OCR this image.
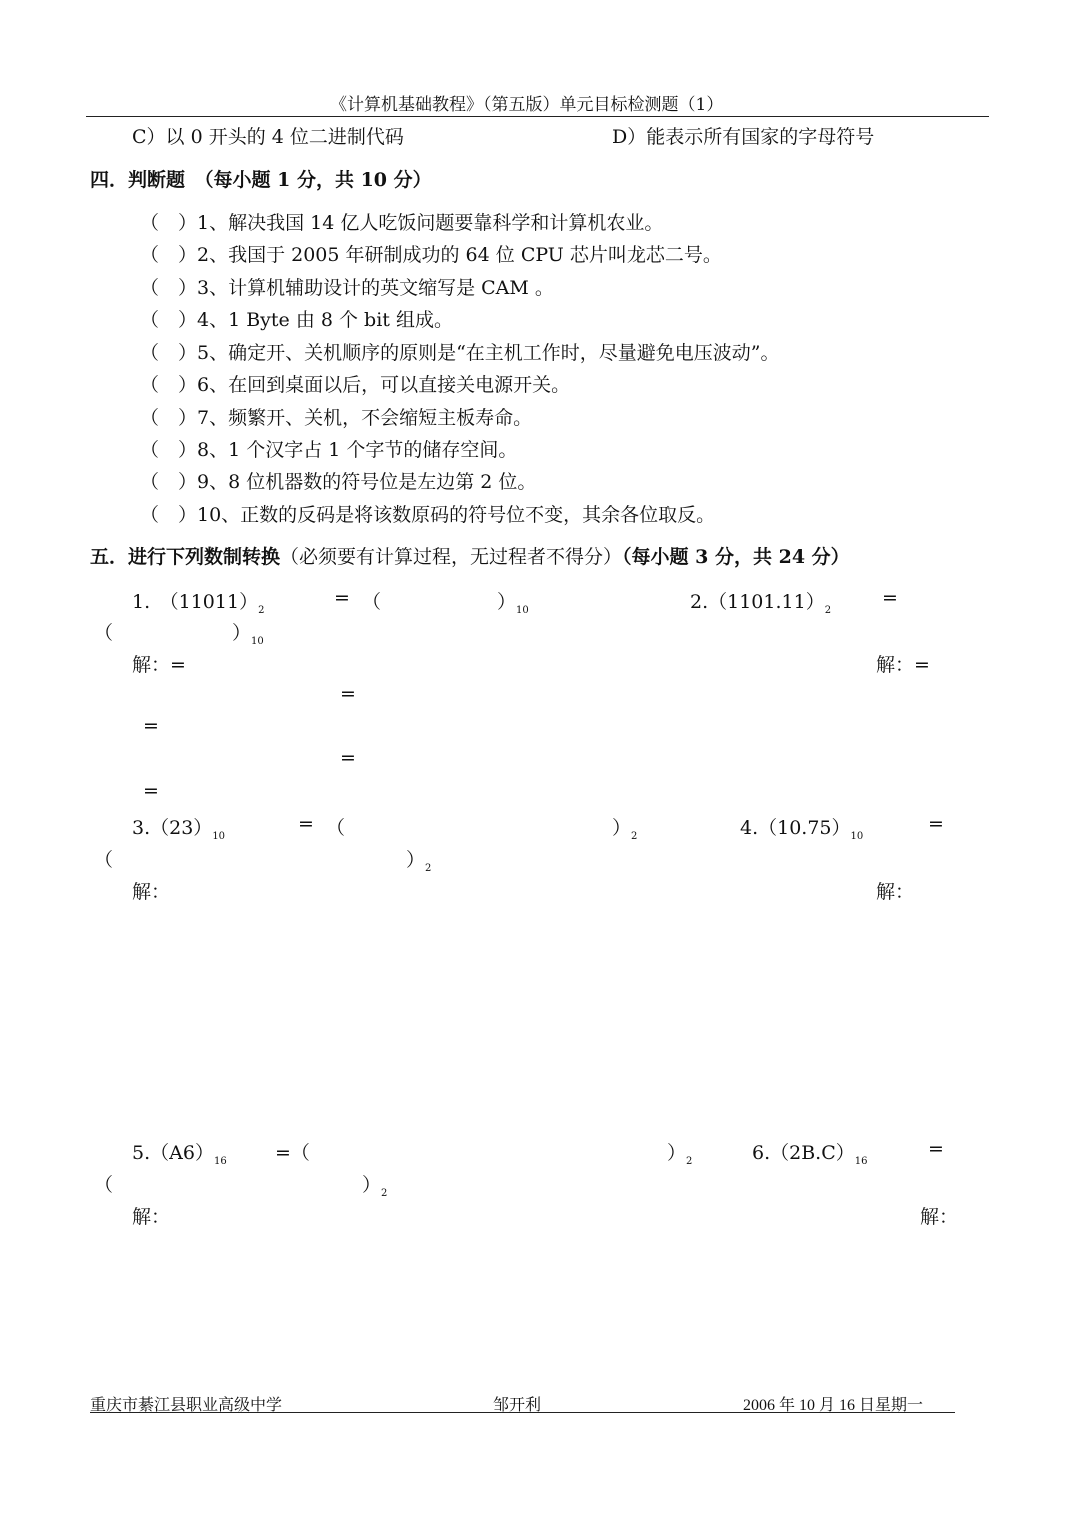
《计算机基础教程》（第五版）单元目标检测题（1）
C）以 0 开头的 4 位二进制代码	D）能表示所有国家的字母符号
四．判断题　（每小题 1 分，共 10 分）
（　）1、解决我国 14 亿人吃饭问题要靠科学和计算机农业。
（　）2、我国于 2005 年研制成功的 64 位 CPU 芯片叫龙芯二号。
（　）3、计算机辅助设计的英文缩写是 CAM 。
（　）4、1 Byte 由 8 个 bit 组成。
（　）5、确定开、关机顺序的原则是“在主机工作时，尽量避免电压波动”。
（　）6、在回到桌面以后，可以直接关电源开关。
（　）7、频繁开、关机，不会缩短主板寿命。
（　）8、1 个汉字占 1 个字节的储存空间。
（　）9、8 位机器数的符号位是左边第 2 位。
（　）10、正数的反码是将该数原码的符号位不变，其余各位取反。
五．进行下列数制转换（必须要有计算过程，无过程者不得分）（每小题 3 分，共 24 分）
1.　$(11011)_2$
= （	）$_{10}$	$2.(1101.11)_2$
=
（	）$_{10}$
解：=	解：=
=
=
=
=
$3.(23)_{10}$
= （	）$_2$	$4.(10.75)_{10}$
=
（	）$_2$
解：	解：
$5.(A6)_{16}$	=（	）$_2$	$6.(2B.C)_{16}$
=
（	）$_2$
解：	解：
重庆市綦江县职业高级中学	邹开利	2006 年 10 月 16 日星期一
